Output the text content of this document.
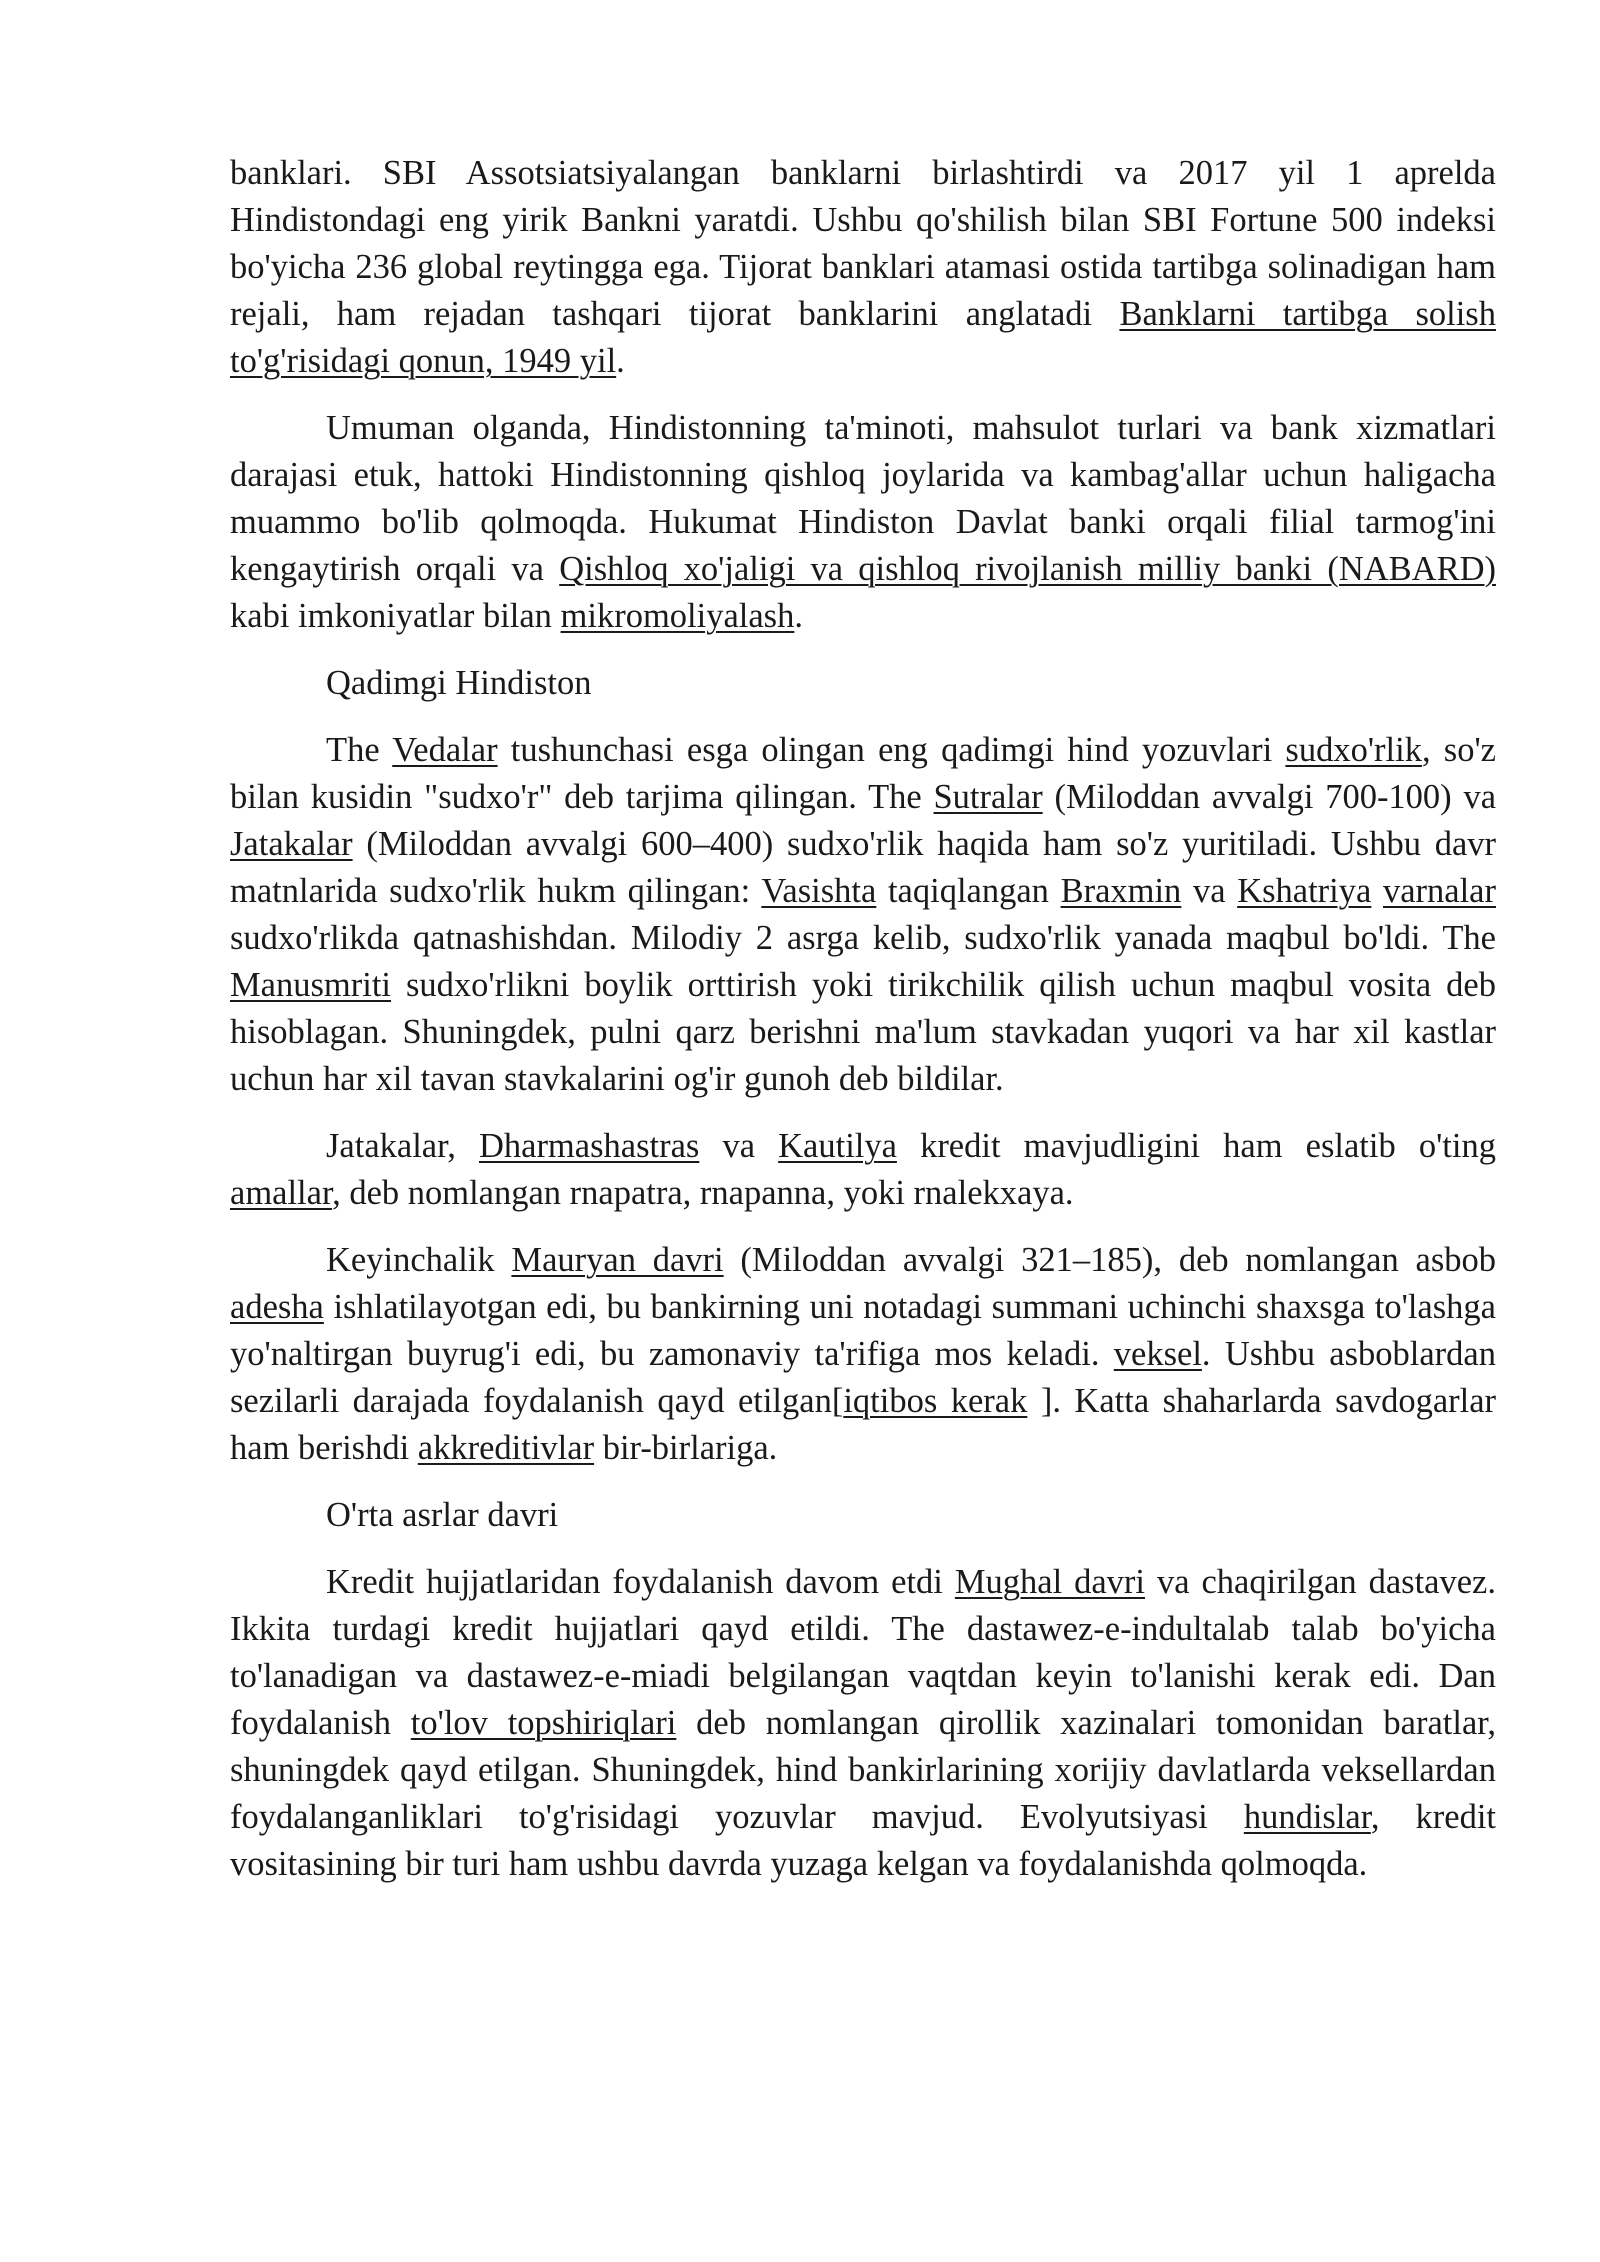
banklari. SBI Assotsiatsiyalangan banklarni birlashtirdi va 2017 yil 1 aprelda Hindistondagi eng yirik Bankni yaratdi. Ushbu qo'shilish bilan SBI Fortune 500 indeksi bo'yicha 236 global reytingga ega. Tijorat banklari atamasi ostida tartibga solinadigan ham rejali, ham rejadan tashqari tijorat banklarini anglatadi Banklarni tartibga solish to'g'risidagi qonun, 1949 yil.

Umuman olganda, Hindistonning ta'minoti, mahsulot turlari va bank xizmatlari darajasi etuk, hattoki Hindistonning qishloq joylarida va kambag'allar uchun haligacha muammo bo'lib qolmoqda. Hukumat Hindiston Davlat banki orqali filial tarmog'ini kengaytirish orqali va Qishloq xo'jaligi va qishloq rivojlanish milliy banki (NABARD) kabi imkoniyatlar bilan mikromoliyalash.

Qadimgi Hindiston

The Vedalar tushunchasi esga olingan eng qadimgi hind yozuvlari sudxo'rlik, so'z bilan kusidin "sudxo'r" deb tarjima qilingan. The Sutralar (Miloddan avvalgi 700-100) va Jatakalar (Miloddan avvalgi 600–400) sudxo'rlik haqida ham so'z yuritiladi. Ushbu davr matnlarida sudxo'rlik hukm qilingan: Vasishta taqiqlangan Braxmin va Kshatriya varnalar sudxo'rlikda qatnashishdan. Milodiy 2 asrga kelib, sudxo'rlik yanada maqbul bo'ldi. The Manusmriti sudxo'rlikni boylik orttirish yoki tirikchilik qilish uchun maqbul vosita deb hisoblagan. Shuningdek, pulni qarz berishni ma'lum stavkadan yuqori va har xil kastlar uchun har xil tavan stavkalarini og'ir gunoh deb bildilar.

Jatakalar, Dharmashastras va Kautilya kredit mavjudligini ham eslatib o'ting amallar, deb nomlangan rnapatra, rnapanna, yoki rnalekxaya.

Keyinchalik Mauryan davri (Miloddan avvalgi 321–185), deb nomlangan asbob adesha ishlatilayotgan edi, bu bankirning uni notadagi summani uchinchi shaxsga to'lashga yo'naltirgan buyrug'i edi, bu zamonaviy ta'rifiga mos keladi. veksel. Ushbu asboblardan sezilarli darajada foydalanish qayd etilgan[iqtibos kerak ]. Katta shaharlarda savdogarlar ham berishdi akkreditivlar bir-birlariga.

O'rta asrlar davri

Kredit hujjatlaridan foydalanish davom etdi Mughal davri va chaqirilgan dastavez. Ikkita turdagi kredit hujjatlari qayd etildi. The dastawez-e-indultalab talab bo'yicha to'lanadigan va dastawez-e-miadi belgilangan vaqtdan keyin to'lanishi kerak edi. Dan foydalanish to'lov topshiriqlari deb nomlangan qirollik xazinalari tomonidan baratlar, shuningdek qayd etilgan. Shuningdek, hind bankirlarining xorijiy davlatlarda veksellardan foydalanganliklari to'g'risidagi yozuvlar mavjud. Evolyutsiyasi hundislar, kredit vositasining bir turi ham ushbu davrda yuzaga kelgan va foydalanishda qolmoqda.
